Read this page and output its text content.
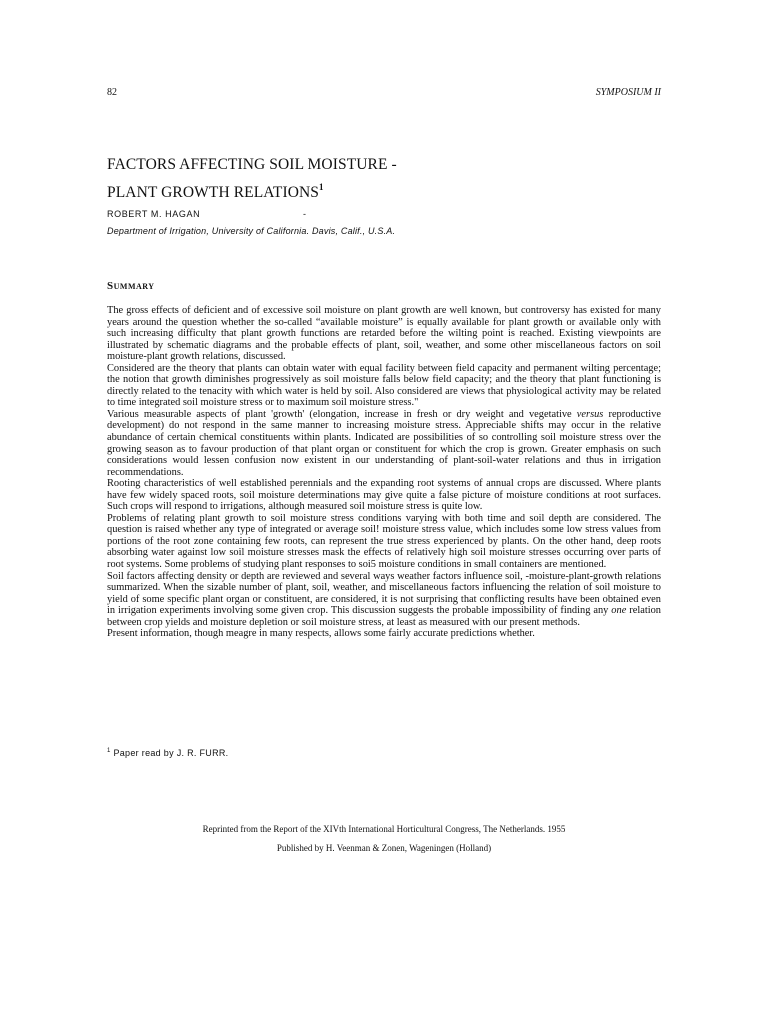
82	SYMPOSIUM II
FACTORS AFFECTING SOIL MOISTURE -
PLANT GROWTH RELATIONS$^1$
ROBERT M. HAGAN	-
Department of Irrigation, University of California. Davis, Calif., U.S.A.
Summary

The gross effects of deficient and of excessive soil moisture on plant growth are well known, but controversy has existed for many years around the question whether the so-called “available moisture” is equally available for plant growth or available only with such increasing difficulty that plant growth functions are retarded before the wilting point is reached. Existing viewpoints are illustrated by schematic diagrams and the probable effects of plant, soil, weather, and some other miscellaneous factors on soil moisture-plant growth relations, discussed.

Considered are the theory that plants can obtain water with equal facility between field capacity and permanent wilting percentage; the notion that growth diminishes progressively as soil moisture falls below field capacity; and the theory that plant functioning is directly related to the tenacity with which water is held by soil. Also considered are views that physiological activity may be related to time integrated soil moisture stress or to maximum soil moisture stress."

Various measurable aspects of plant 'growth' (elongation, increase in fresh or dry weight and vegetative versus reproductive development) do not respond in the same manner to increasing moisture stress. Appreciable shifts may occur in the relative abundance of certain chemical constituents within plants. Indicated are possibilities of so controlling soil moisture stress over the growing season as to favour production of that plant organ or constituent for which the crop is grown. Greater emphasis on such considerations would lessen confusion now existent in our understanding of plant-soil-water relations and thus in irrigation recommendations.

Rooting characteristics of well established perennials and the expanding root systems of annual crops are discussed. Where plants have few widely spaced roots, soil moisture determinations may give quite a false picture of moisture conditions at root surfaces. Such crops will respond to irrigations, although measured soil moisture stress is quite low.

Problems of relating plant growth to soil moisture stress conditions varying with both time and soil depth are considered. The question is raised whether any type of integrated or average soil! moisture stress value, which includes some low stress values from portions of the root zone containing few roots, can represent the true stress experienced by plants. On the other hand, deep roots absorbing water against low soil moisture stresses mask the effects of relatively high soil moisture stresses occurring over parts of root systems. Some problems of studying plant responses to soi5 moisture conditions in small containers are mentioned.

Soil factors affecting density or depth are reviewed and several ways weather factors influence soil, -moisture-plant-growth relations summarized. When the sizable number of plant, soil, weather, and miscellaneous factors influencing the relation of soil moisture to yield of some specific plant organ or constituent, are considered, it is not surprising that conflicting results have been obtained even in irrigation experiments involving some given crop. This discussion suggests the probable impossibility of finding any one relation between crop yields and moisture depletion or soil moisture stress, at least as measured with our present methods.

Present information, though meagre in many respects, allows some fairly accurate predictions whether.

$^1$ Paper read by J. R. FURR.
Reprinted from the Report of the XIVth International Horticultural Congress, The Netherlands. 1955
Published by H. Veenman & Zonen, Wageningen (Holland)
